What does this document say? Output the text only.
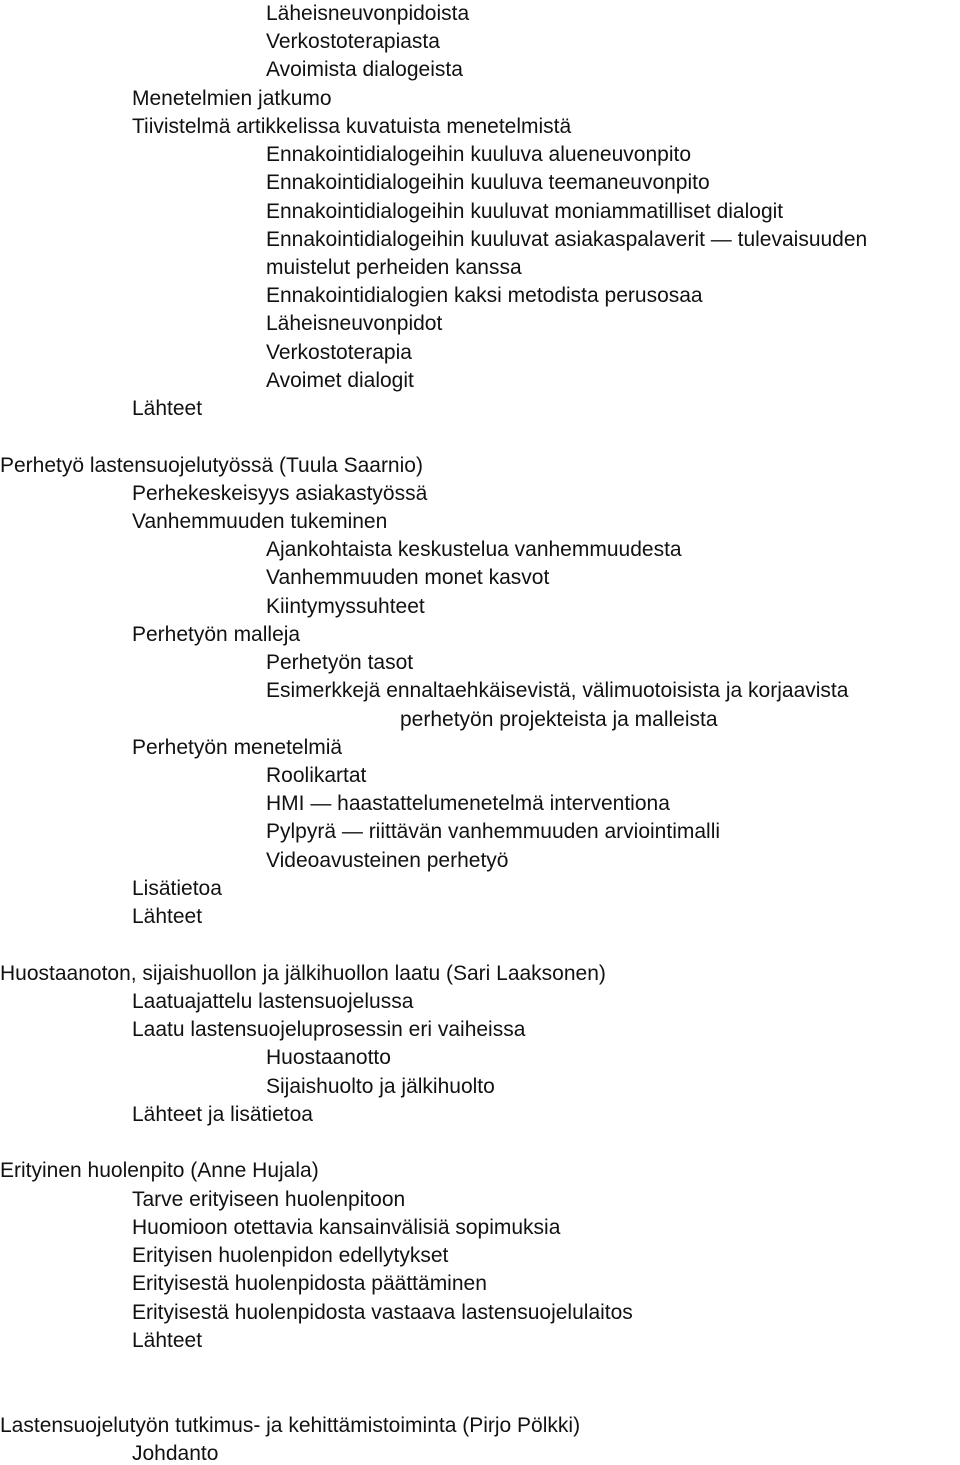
Läheisneuvonpidoista

Verkostoterapiasta

Avoimista dialogeista

Menetelmien jatkumo

Tiivistelmä artikkelissa kuvatuista menetelmistä

Ennakointidialogeihin kuuluva alueneuvonpito

Ennakointidialogeihin kuuluva teemaneuvonpito

Ennakointidialogeihin kuuluvat moniammatilliset dialogit

Ennakointidialogeihin kuuluvat asiakaspalaverit — tulevaisuuden

muistelut perheiden kanssa

Ennakointidialogien kaksi metodista perusosaa

Läheisneuvonpidot

Verkostoterapia

Avoimet dialogit

Lähteet

Perhetyö lastensuojelutyössä (Tuula Saarnio)

Perhekeskeisyys asiakastyössä

Vanhemmuuden tukeminen

Ajankohtaista keskustelua vanhemmuudesta

Vanhemmuuden monet kasvot

Kiintymyssuhteet

Perhetyön malleja

Perhetyön tasot

Esimerkkejä ennaltaehkäisevistä, välimuotoisista ja korjaavista

perhetyön projekteista ja malleista

Perhetyön menetelmiä

Roolikartat

HMI — haastattelumenetelmä interventiona

Pylpyrä — riittävän vanhemmuuden arviointimalli

Videoavusteinen perhetyö

Lisätietoa

Lähteet

Huostaanoton, sijaishuollon ja jälkihuollon laatu (Sari Laaksonen)

Laatuajattelu lastensuojelussa

Laatu lastensuojeluprosessin eri vaiheissa

Huostaanotto

Sijaishuolto ja jälkihuolto

Lähteet ja lisätietoa

Erityinen huolenpito (Anne Hujala)

Tarve erityiseen huolenpitoon

Huomioon otettavia kansainvälisiä sopimuksia

Erityisen huolenpidon edellytykset

Erityisestä huolenpidosta päättäminen

Erityisestä huolenpidosta vastaava lastensuojelulaitos

Lähteet

Lastensuojelutyön tutkimus- ja kehittämistoiminta (Pirjo Pölkki)

Johdanto
